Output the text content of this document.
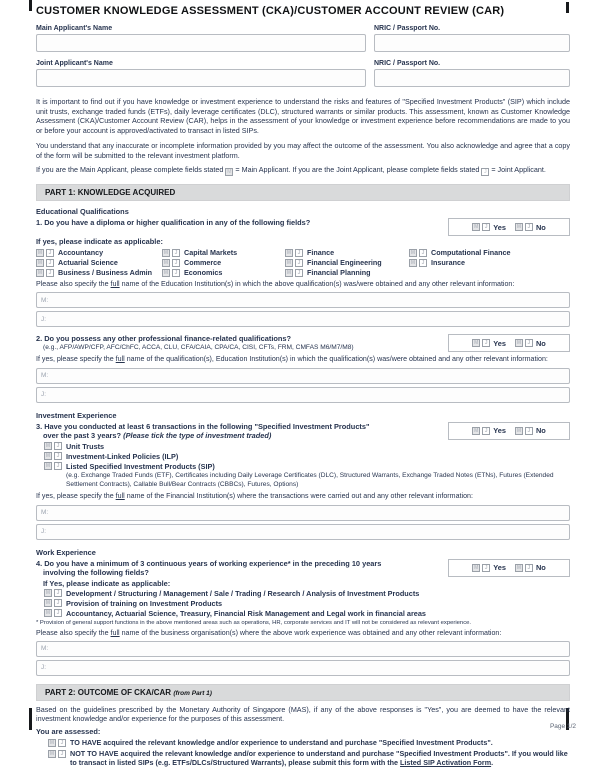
CUSTOMER KNOWLEDGE ASSESSMENT (CKA)/CUSTOMER ACCOUNT REVIEW (CAR)
Main Applicant's Name	NRIC / Passport No.
Joint Applicant's Name	NRIC / Passport No.
It is important to find out if you have knowledge or investment experience to understand the risks and features of "Specified Investment Products" (SIP) which include unit trusts, exchange traded funds (ETFs), daily leverage certificates (DLC), structured warrants or similar products. This assessment, known as Customer Knowledge Assessment (CKA)/Customer Account Review (CAR), helps in the assessment of your knowledge or investment experience before recommendations are made to you or before your account is approved/activated to transact in listed SIPs.
You understand that any inaccurate or incomplete information provided by you may affect the outcome of the assessment. You also acknowledge and agree that a copy of the form will be submitted to the relevant investment platform.
If you are the Main Applicant, please complete fields stated M = Main Applicant. If you are the Joint Applicant, please complete fields stated J = Joint Applicant.
PART 1: KNOWLEDGE ACQUIRED
Educational Qualifications
1. Do you have a diploma or higher qualification in any of the following fields?	M	J Yes	M	J No
If yes, please indicate as applicable:
M	J Accountancy	M	J Capital Markets	M	J Finance	M	J Computational Finance
M	J Actuarial Science	M	J Commerce	M	J Financial Engineering	M	J Insurance
M	J Business / Business Admin	M	J Economics	M	J Financial Planning
Please also specify the full name of the Education Institution(s) in which the above qualification(s) was/were obtained and any other relevant information:
M:
J:
2. Do you possess any other professional finance-related qualifications?
(e.g., AFP/AWP/CFP, AFC/ChFC, ACCA, CLU, CFA/CAIA, CPA/CA, CISI, CFTs, FRM, CMFAS M6/M7/M8)
M	J Yes	M	J No
If yes, please specify the full name of the qualification(s), Education Institution(s) in which the qualification(s) was/were obtained and any other relevant information:
M:
J:
Investment Experience
3. Have you conducted at least 6 transactions in the following "Specified Investment Products"
over the past 3 years? (Please tick the type of investment traded)
M	J Yes	M	J No
M	J Unit Trusts
M	J Investment-Linked Policies (ILP)
M	J Listed Specified Investment Products (SIP)
(e.g. Exchange Traded Funds (ETF), Certificates including Daily Leverage Certificates (DLC), Structured Warrants, Exchange Traded Notes (ETNs), Futures (Extended Settlement Contracts), Callable Bull/Bear Contracts (CBBCs), Futures, Options)
If yes, please specify the full name of the Financial Institution(s) where the transactions were carried out and any other relevant information:
M:
J:
Work Experience
4. Do you have a minimum of 3 continuous years of working experience* in the preceding 10 years
involving the following fields?
M	J Yes	M	J No
If Yes, please indicate as applicable:
M	J Development / Structuring / Management / Sale / Trading / Research / Analysis of Investment Products
M	J Provision of training on Investment Products
M	J Accountancy, Actuarial Science, Treasury, Financial Risk Management and Legal work in financial areas
* Provision of general support functions in the above mentioned areas such as operations, HR, corporate services and IT will not be considered as relevant experience.
Please also specify the full name of the business organisation(s) where the above work experience was obtained and any other relevant information:
M:
J:
PART 2: OUTCOME OF CKA/CAR (from Part 1)
Based on the guidelines prescribed by the Monetary Authority of Singapore (MAS), if any of the above responses is "Yes", you are deemed to have the relevant investment knowledge and/or experience for the purposes of this assessment.
You are assessed:
M	J TO HAVE acquired the relevant knowledge and/or experience to understand and purchase "Specified Investment Products".
M	J NOT TO HAVE acquired the relevant knowledge and/or experience to understand and purchase "Specified Investment Products". If you would like to transact in listed SIPs (e.g. ETFs/DLCs/Structured Warrants), please submit this form with the Listed SIP Activation Form.
Page 1/2
